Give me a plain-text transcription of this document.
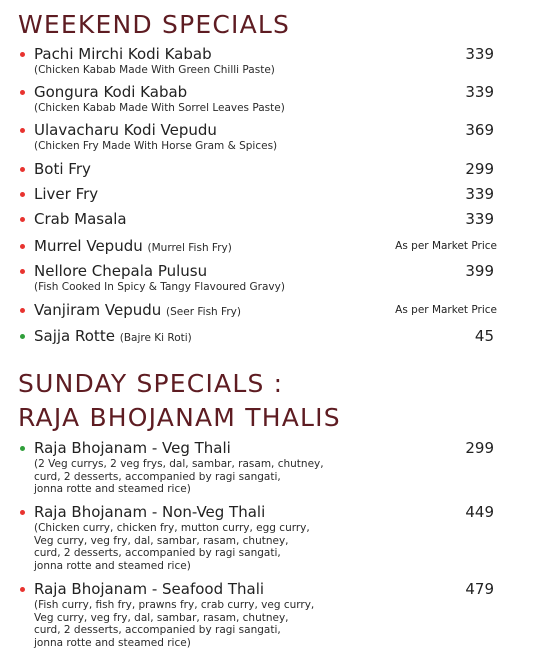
WEEKEND SPECIALS
Pachi Mirchi Kodi Kabab	339
(Chicken Kabab Made With Green Chilli Paste)
Gongura Kodi Kabab	339
(Chicken Kabab Made With Sorrel Leaves Paste)
Ulavacharu Kodi Vepudu	369
(Chicken Fry Made With Horse Gram & Spices)
Boti Fry	299
Liver Fry	339
Crab Masala	339
Murrel Vepudu (Murrel Fish Fry)	As per Market Price
Nellore Chepala Pulusu	399
(Fish Cooked In Spicy & Tangy Flavoured Gravy)
Vanjiram Vepudu (Seer Fish Fry)	As per Market Price
Sajja Rotte (Bajre Ki Roti)	45
SUNDAY SPECIALS :
RAJA BHOJANAM THALIS
Raja Bhojanam - Veg Thali	299
(2 Veg currys, 2 veg frys, dal, sambar, rasam, chutney,
curd, 2 desserts, accompanied by ragi sangati,
jonna rotte and steamed rice)
Raja Bhojanam - Non-Veg Thali	449
(Chicken curry, chicken fry, mutton curry, egg curry,
Veg curry, veg fry, dal, sambar, rasam, chutney,
curd, 2 desserts, accompanied by ragi sangati,
jonna rotte and steamed rice)
Raja Bhojanam - Seafood Thali	479
(Fish curry, fish fry, prawns fry, crab curry, veg curry,
Veg curry, veg fry, dal, sambar, rasam, chutney,
curd, 2 desserts, accompanied by ragi sangati,
jonna rotte and steamed rice)
